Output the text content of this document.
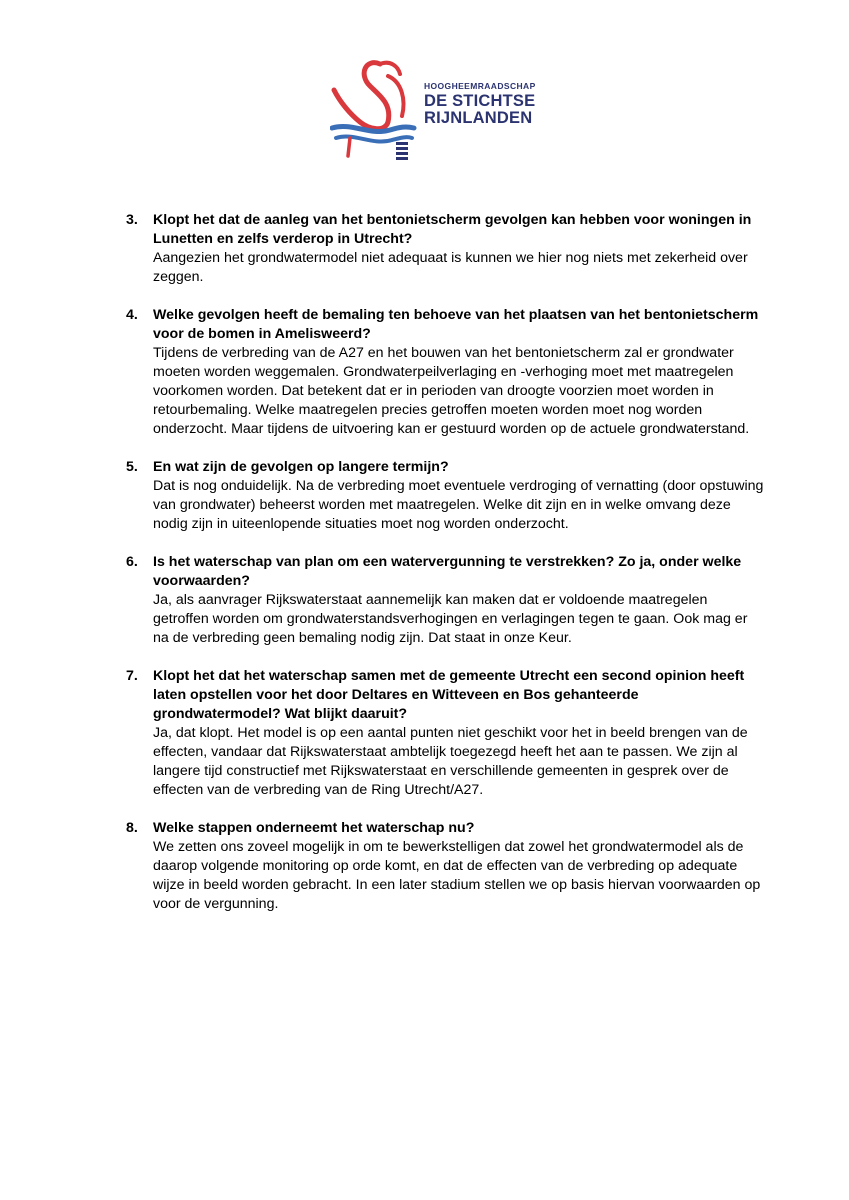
HOOGHEEMRAADSCHAP
DE STICHTSE
RIJNLANDEN
3.	Klopt het dat de aanleg van het bentonietscherm gevolgen kan hebben voor woningen in Lunetten en zelfs verderop in Utrecht?
Aangezien het grondwatermodel niet adequaat is kunnen we hier nog niets met zekerheid over zeggen.
4.	Welke gevolgen heeft de bemaling ten behoeve van het plaatsen van het bentonietscherm voor de bomen in Amelisweerd?
Tijdens de verbreding van de A27 en het bouwen van het bentonietscherm zal er grondwater moeten worden weggemalen. Grondwaterpeilverlaging en -verhoging moet met maatregelen voorkomen worden. Dat betekent dat er in perioden van droogte voorzien moet worden in retourbemaling. Welke maatregelen precies getroffen moeten worden moet nog worden onderzocht. Maar tijdens de uitvoering kan er gestuurd worden op de actuele grondwaterstand.
5.	En wat zijn de gevolgen op langere termijn?
Dat is nog onduidelijk. Na de verbreding moet eventuele verdroging of vernatting (door opstuwing van grondwater) beheerst worden met maatregelen. Welke dit zijn en in welke omvang deze nodig zijn in uiteenlopende situaties moet nog worden onderzocht.
6.	Is het waterschap van plan om een watervergunning te verstrekken? Zo ja, onder welke voorwaarden?
Ja, als aanvrager Rijkswaterstaat aannemelijk kan maken dat er voldoende maatregelen getroffen worden om grondwaterstandsverhogingen en verlagingen tegen te gaan. Ook mag er na de verbreding geen bemaling nodig zijn. Dat staat in onze Keur.
7.	Klopt het dat het waterschap samen met de gemeente Utrecht een second opinion heeft laten opstellen voor het door Deltares en Witteveen en Bos gehanteerde grondwatermodel? Wat blijkt daaruit?
Ja, dat klopt. Het model is op een aantal punten niet geschikt voor het in beeld brengen van de effecten, vandaar dat Rijkswaterstaat ambtelijk toegezegd heeft het aan te passen. We zijn al langere tijd constructief met Rijkswaterstaat en verschillende gemeenten in gesprek over de effecten van de verbreding van de Ring Utrecht/A27.
8.	Welke stappen onderneemt het waterschap nu?
We zetten ons zoveel mogelijk in om te bewerkstelligen dat zowel het grondwatermodel als de daarop volgende monitoring op orde komt, en dat de effecten van de verbreding op adequate wijze in beeld worden gebracht. In een later stadium stellen we op basis hiervan voorwaarden op voor de vergunning.
